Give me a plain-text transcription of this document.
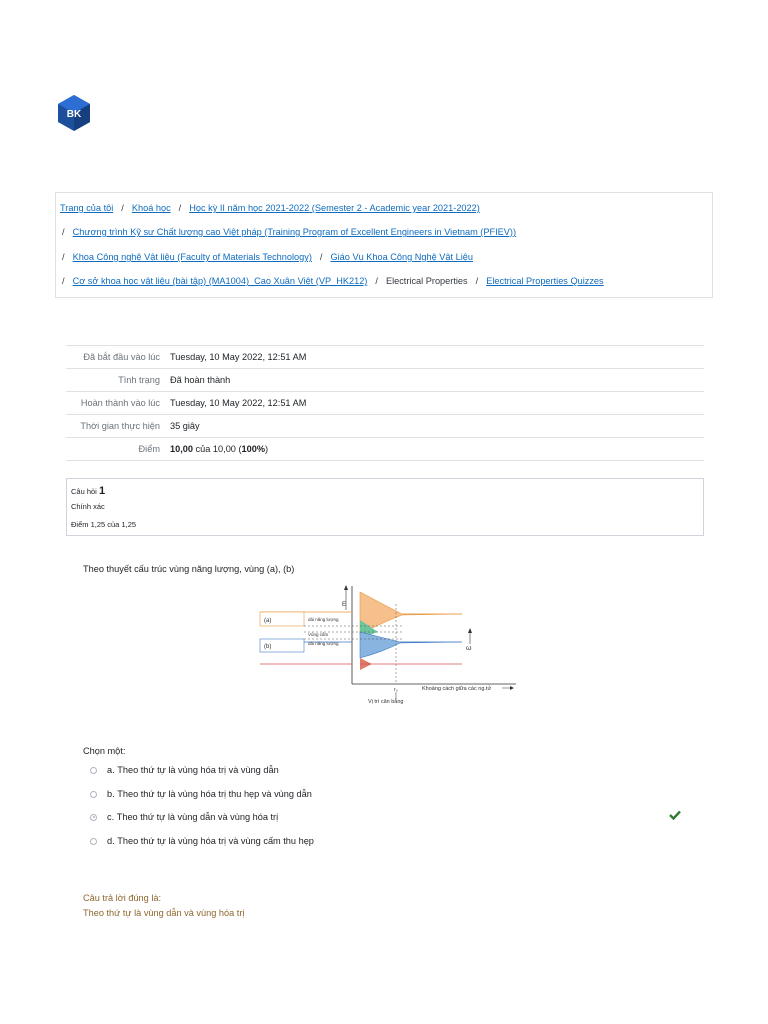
BK BÁCH KHOA E-LEARNING
Trang của tôi / Khoá học / Học kỳ II năm học 2021-2022 (Semester 2 - Academic year 2021-2022)
/ Chương trình Kỹ sư Chất lượng cao Việt pháp (Training Program of Excellent Engineers in Vietnam (PFIEV))
/ Khoa Công nghệ Vật liệu (Faculty of Materials Technology) / Giáo Vụ Khoa Công Nghệ Vật Liệu
/ Cơ sở khoa học vật liệu (bài tập) (MA1004)_Cao Xuân Việt (VP_HK212) / Electrical Properties / Electrical Properties Quizzes
Đã bắt đầu vào lúc	Tuesday, 10 May 2022, 12:51 AM
Tình trạng	Đã hoàn thành
Hoàn thành vào lúc	Tuesday, 10 May 2022, 12:51 AM
Thời gian thực hiện	35 giây
Điểm	10,00 của 10,00 (100%)
Câu hỏi 1
Chính xác
Điểm 1,25 của 1,25
Theo thuyết cấu trúc vùng năng lượng, vùng (a), (b)
E
ω
(a)
(b)
dải năng lượng
Vùng cấm
dải năng lượng
r₀	Khoảng cách giữa các ng.tử
Vị trí cân bằng
Chọn một:
a.
Theo thứ tự là vùng hóa trị và vùng dẫn
b.
Theo thứ tự là vùng hóa trị thu hẹp và vùng dẫn
c.
Theo thứ tự là vùng dẫn và vùng hóa trị
d.
Theo thứ tự là vùng hóa trị và vùng cấm thu hẹp
Câu trả lời đúng là:
Theo thứ tự là vùng dẫn và vùng hóa trị
